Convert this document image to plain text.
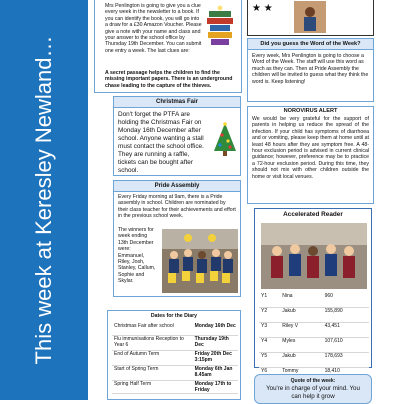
This week at Keresley Newland…

Mrs Penlington is going to give you a clue every week in the newsletter to a book. If you can identify the book, you will go into a draw for a £30 Amazon Voucher. Please give a note with your name and class and your answer to the school office by Thursday 19th December. You can submit one entry a week. The last clues are:

A secret passage helps the children to find the missing important papers. There is an underground chase leading to the capture of the thieves.

★ ★
Did you guess the Word of the Week?

Every week, Mrs Penlington is going to choose a Word of the Week. The staff will use this word as much as they can. Then at Pride Assembly the children will be invited to guess what they think the word is. Keep listening!

Christmas Fair

Don't forget the PTFA are holding the Christmas Fair on Monday 16th December after school. Anyone wanting a stall must contact the school office. They are running a raffle, tickets can be bought after school.

NOROVIRUS ALERT

We would be very grateful for the support of parents in helping us reduce the spread of the infection. If your child has symptoms of diarrhoea and or vomiting, please keep them at home until at least 48 hours after they are symptom free. A 48-hour exclusion period is advised in current clinical guidance; however, preference may be to practice a 72-hour exclusion period. During this time, they should not mix with other children outside the home or visit local venues.

Pride Assembly

Every Friday morning at 9am, there is a Pride assembly in school. Children are nominated by their class teacher for their achievements and effort in the previous school week.

The winners for week ending 13th December were: Emmanuel, Riley, Josh, Stanley, Callum, Sophie and Skylar.

Accelerated Reader
Y1	Nina	960
Y2	Jakub	155,890
Y3	Riley V	43,451
Y4	Myles	107,610
Y5	Jakub	178,693
Y6	Tommy	18,410
Dates for the Diary
Christmas Fair after school	Monday 16th Dec
Flu immunisations Reception to Year 6	Thursday 19th Dec
End of Autumn Term	Friday 20th Dec 3:15pm
Start of Spring Term	Monday 6th Jan 8.45am
Spring Half Term	Monday 17th to Friday
Quote of the week:
You're in charge of your mind. You can help it grow
